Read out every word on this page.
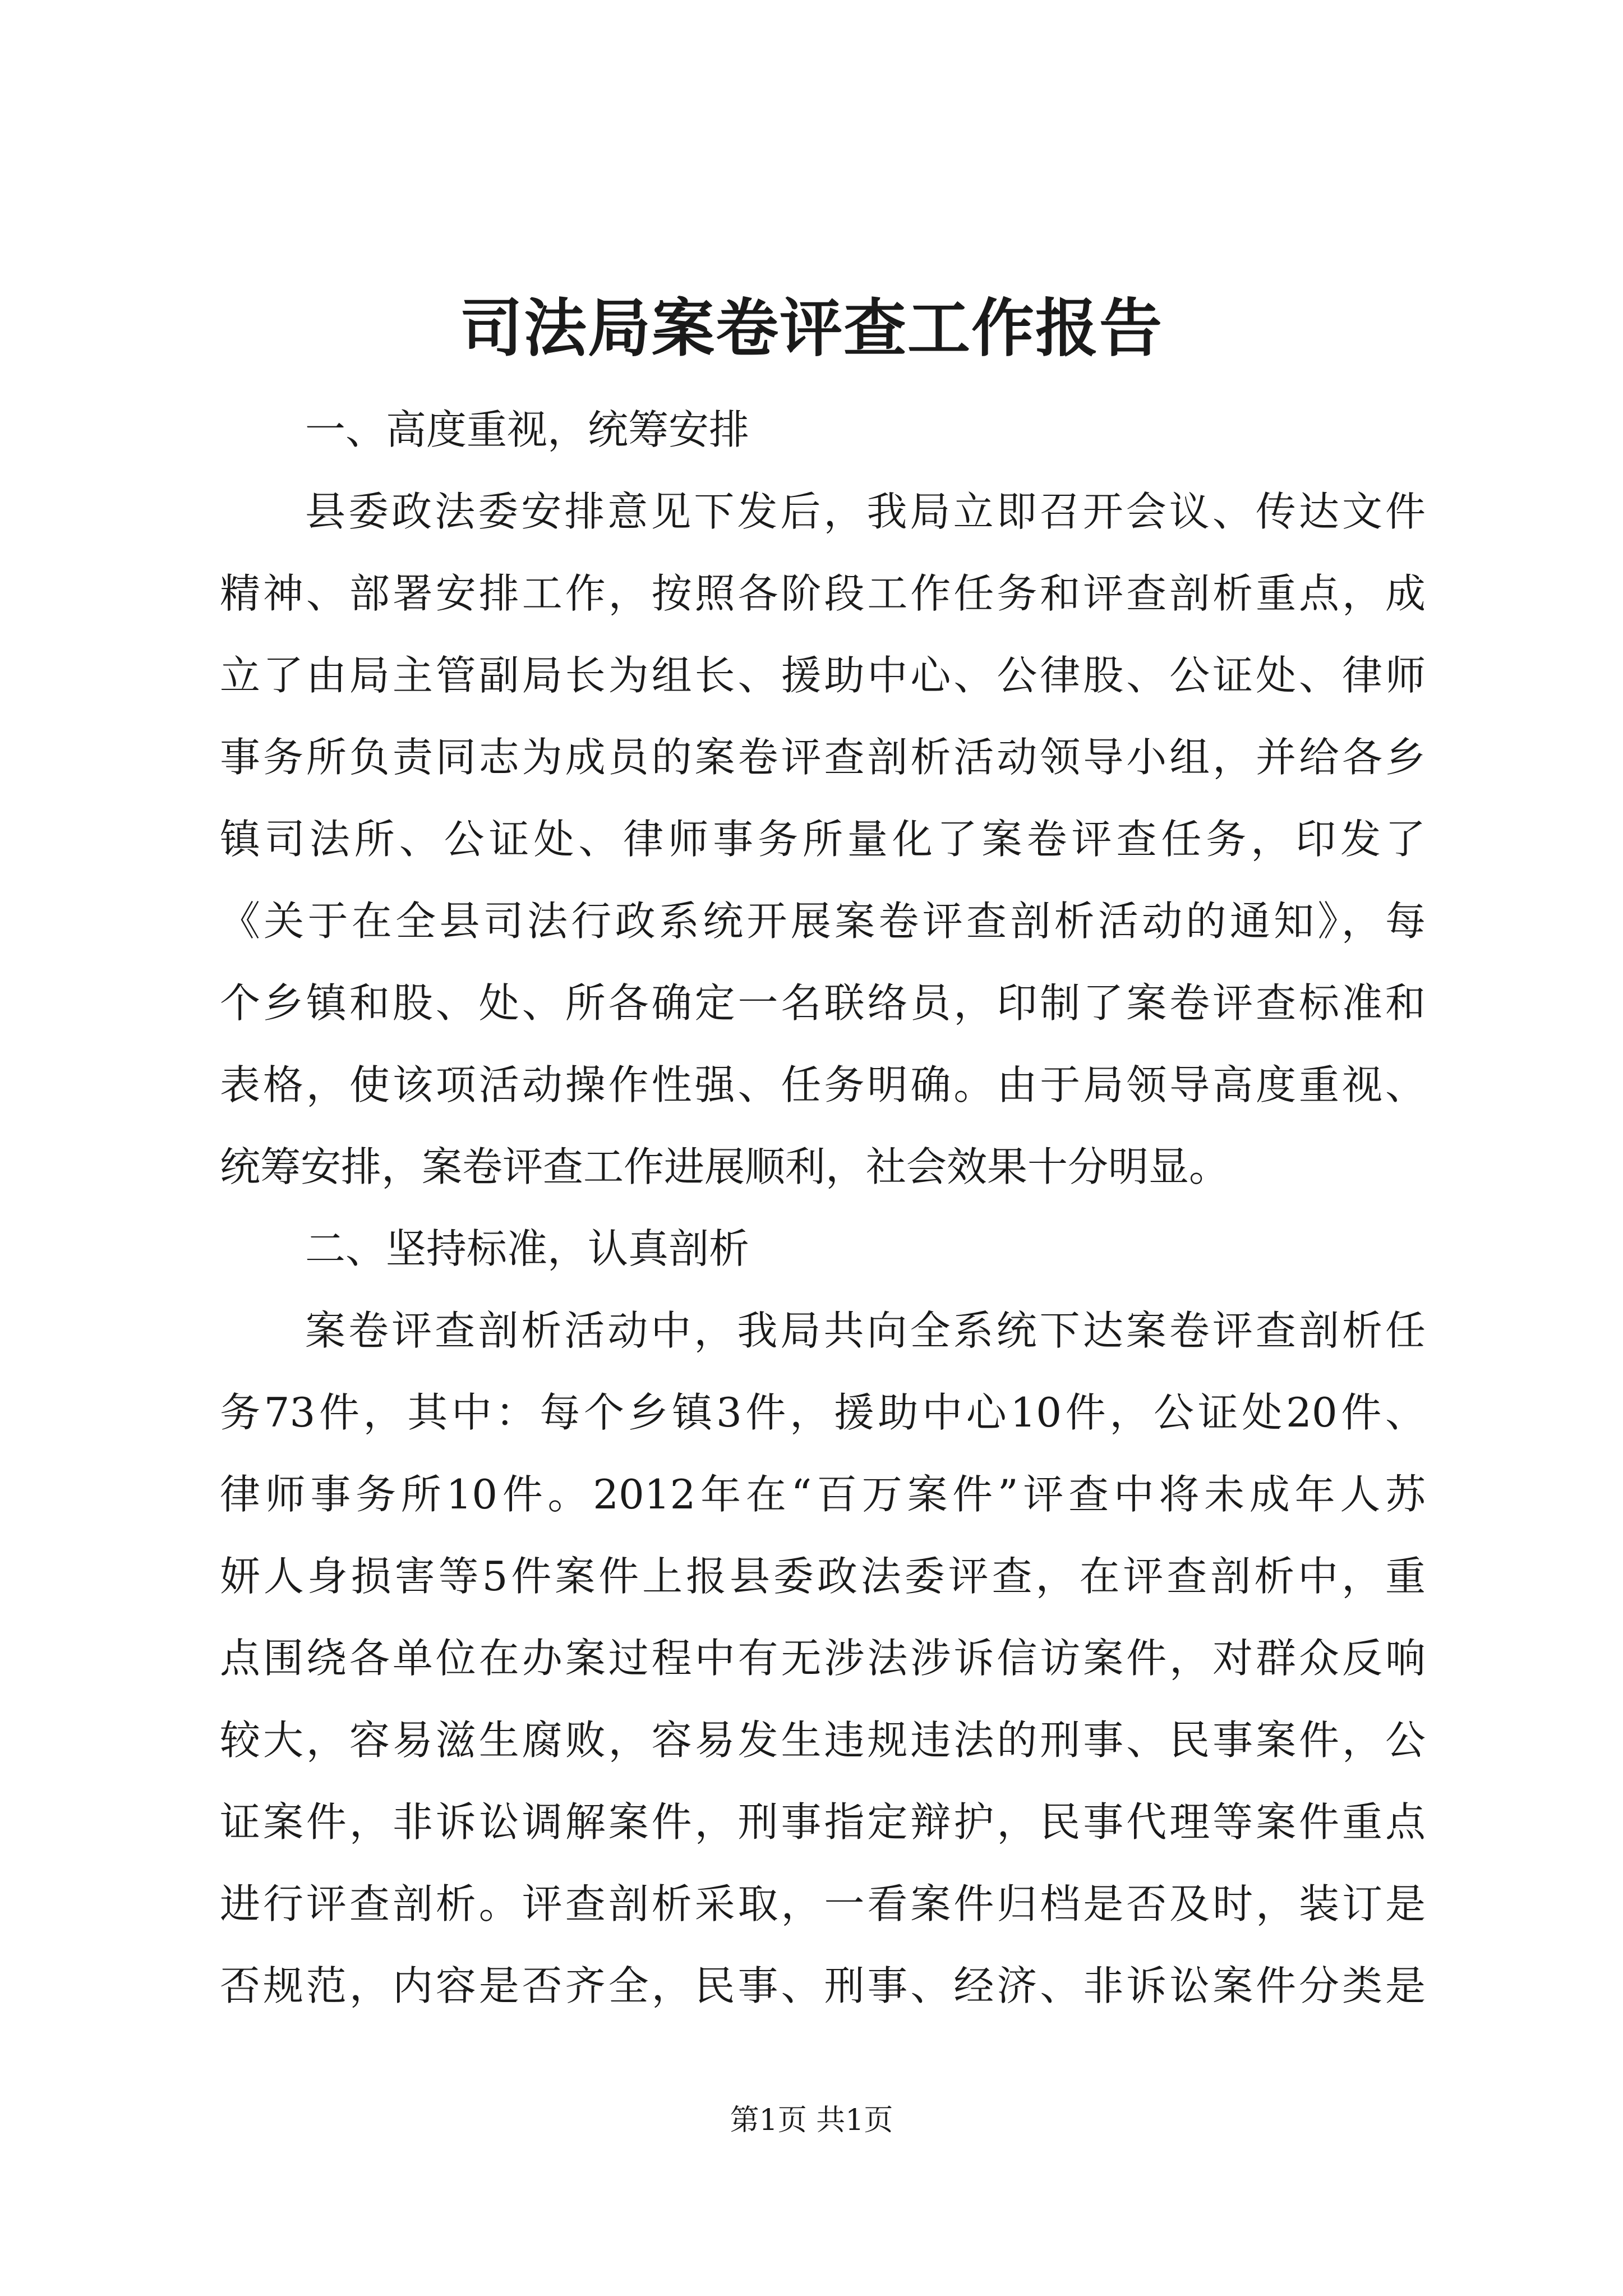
司法局案卷评查工作报告
一、高度重视，统筹安排
县委政法委安排意见下发后，我局立即召开会议、传达文件
精神、部署安排工作，按照各阶段工作任务和评查剖析重点，成
立了由局主管副局长为组长、援助中心、公律股、公证处、律师
事务所负责同志为成员的案卷评查剖析活动领导小组，并给各乡
镇司法所、公证处、律师事务所量化了案卷评查任务，印发了
《关于在全县司法行政系统开展案卷评查剖析活动的通知》，每
个乡镇和股、处、所各确定一名联络员，印制了案卷评查标准和
表格，使该项活动操作性强、任务明确。由于局领导高度重视、
统筹安排，案卷评查工作进展顺利，社会效果十分明显。
二、坚持标准，认真剖析
案卷评查剖析活动中，我局共向全系统下达案卷评查剖析任
务73件，其中：每个乡镇3件，援助中心10件，公证处20件、
律师事务所10件。2012年在“百万案件”评查中将未成年人苏
妍人身损害等5件案件上报县委政法委评查，在评查剖析中，重
点围绕各单位在办案过程中有无涉法涉诉信访案件，对群众反响
较大，容易滋生腐败，容易发生违规违法的刑事、民事案件，公
证案件，非诉讼调解案件，刑事指定辩护，民事代理等案件重点
进行评查剖析。评查剖析采取，一看案件归档是否及时，装订是
否规范，内容是否齐全，民事、刑事、经济、非诉讼案件分类是
第1页 共1页
